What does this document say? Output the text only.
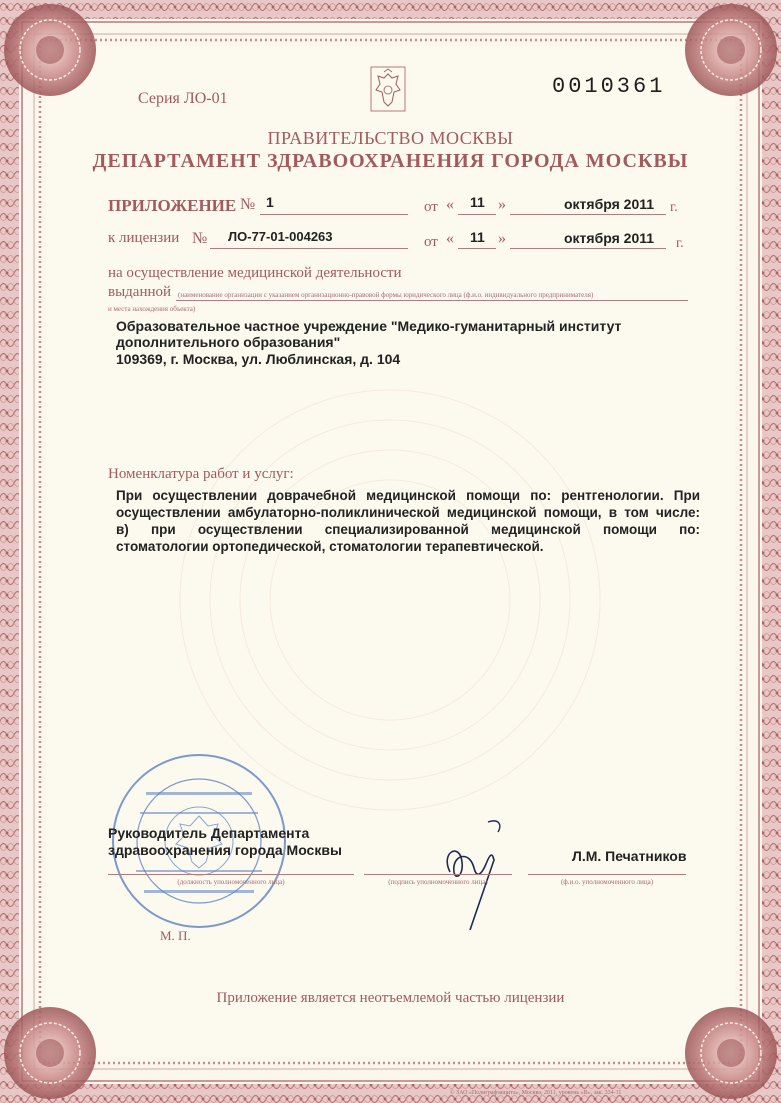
Серия ЛО-01	0010361
ПРАВИТЕЛЬСТВО МОСКВЫ
ДЕПАРТАМЕНТ ЗДРАВООХРАНЕНИЯ ГОРОДА МОСКВЫ
ПРИЛОЖЕНИЕ № 1	от « 11 »	октября 2011 г.
к лицензии № ЛО-77-01-004263	от « 11 »	октября 2011 г.
на осуществление медицинской деятельности
выданной (наименование организации с указанием организационно-правовой формы юридического лица (ф.и.о. индивидуального предпринимателя)
и места нахождения объекта)
Образовательное частное учреждение "Медико-гуманитарный институт
дополнительного образования"
109369, г. Москва, ул. Люблинская, д. 104
Номенклатура работ и услуг:
При осуществлении доврачебной медицинской помощи по: рентгенологии. При
осуществлении амбулаторно-поликлинической медицинской помощи, в том числе:
в) при осуществлении специализированной медицинской помощи по:
стоматологии ортопедической, стоматологии терапевтической.
Руководитель Департамента
здравоохранения города Москвы	Л.М. Печатников
(должность уполномоченного лица)	(подпись уполномоченного лица)	(ф.и.о. уполномоченного лица)
М. П.
Приложение является неотъемлемой частью лицензии
© ЗАО «Полиграфзащита», Москва, 2011, уровень «В», зак. 334-11
